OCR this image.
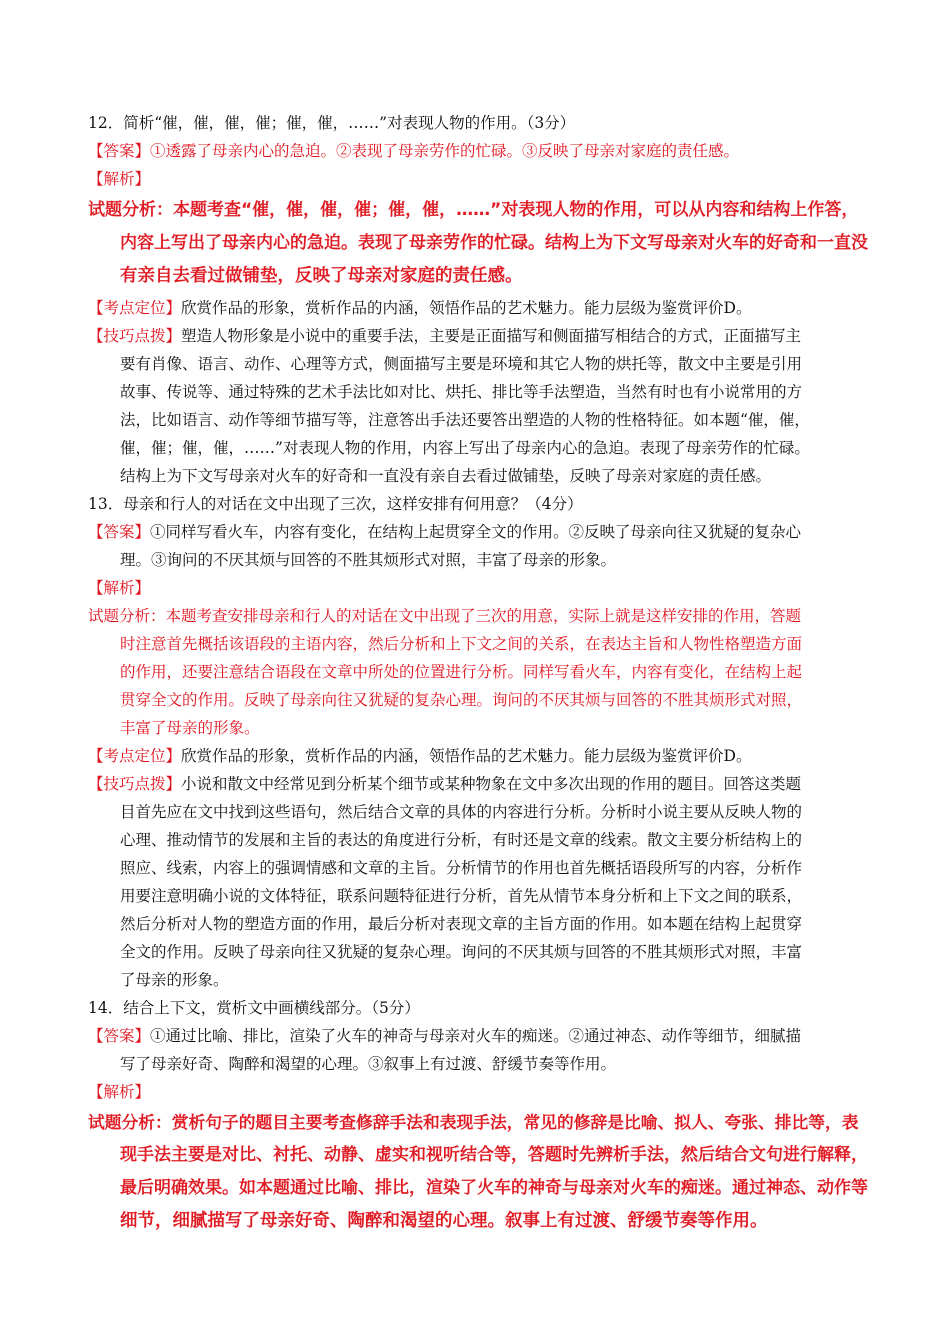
12．简析“催，催，催，催；催，催，……”对表现人物的作用。（3分）
【答案】①透露了母亲内心的急迫。②表现了母亲劳作的忙碌。③反映了母亲对家庭的责任感。
【解析】
试题分析：本题考查“催，催，催，催；催，催，……”对表现人物的作用，可以从内容和结构上作答，
内容上写出了母亲内心的急迫。表现了母亲劳作的忙碌。结构上为下文写母亲对火车的好奇和一直没
有亲自去看过做铺垫，反映了母亲对家庭的责任感。
【考点定位】欣赏作品的形象，赏析作品的内涵，领悟作品的艺术魅力。能力层级为鉴赏评价D。
【技巧点拨】塑造人物形象是小说中的重要手法，主要是正面描写和侧面描写相结合的方式，正面描写主
要有肖像、语言、动作、心理等方式，侧面描写主要是环境和其它人物的烘托等，散文中主要是引用
故事、传说等、通过特殊的艺术手法比如对比、烘托、排比等手法塑造，当然有时也有小说常用的方
法，比如语言、动作等细节描写等，注意答出手法还要答出塑造的人物的性格特征。如本题“催，催，
催，催；催，催，……”对表现人物的作用，内容上写出了母亲内心的急迫。表现了母亲劳作的忙碌。
结构上为下文写母亲对火车的好奇和一直没有亲自去看过做铺垫，反映了母亲对家庭的责任感。
13．母亲和行人的对话在文中出现了三次，这样安排有何用意？（4分）
【答案】①同样写看火车，内容有变化，在结构上起贯穿全文的作用。②反映了母亲向往又犹疑的复杂心
理。③询问的不厌其烦与回答的不胜其烦形式对照，丰富了母亲的形象。
【解析】
试题分析：本题考查安排母亲和行人的对话在文中出现了三次的用意，实际上就是这样安排的作用，答题
时注意首先概括该语段的主语内容，然后分析和上下文之间的关系，在表达主旨和人物性格塑造方面
的作用，还要注意结合语段在文章中所处的位置进行分析。同样写看火车，内容有变化，在结构上起
贯穿全文的作用。反映了母亲向往又犹疑的复杂心理。询问的不厌其烦与回答的不胜其烦形式对照，
丰富了母亲的形象。
【考点定位】欣赏作品的形象，赏析作品的内涵，领悟作品的艺术魅力。能力层级为鉴赏评价D。
【技巧点拨】小说和散文中经常见到分析某个细节或某种物象在文中多次出现的作用的题目。回答这类题
目首先应在文中找到这些语句，然后结合文章的具体的内容进行分析。分析时小说主要从反映人物的
心理、推动情节的发展和主旨的表达的角度进行分析，有时还是文章的线索。散文主要分析结构上的
照应、线索，内容上的强调情感和文章的主旨。分析情节的作用也首先概括语段所写的内容，分析作
用要注意明确小说的文体特征，联系问题特征进行分析，首先从情节本身分析和上下文之间的联系，
然后分析对人物的塑造方面的作用，最后分析对表现文章的主旨方面的作用。如本题在结构上起贯穿
全文的作用。反映了母亲向往又犹疑的复杂心理。询问的不厌其烦与回答的不胜其烦形式对照，丰富
了母亲的形象。
14．结合上下文，赏析文中画横线部分。（5分）
【答案】①通过比喻、排比，渲染了火车的神奇与母亲对火车的痴迷。②通过神态、动作等细节，细腻描
写了母亲好奇、陶醉和渴望的心理。③叙事上有过渡、舒缓节奏等作用。
【解析】
试题分析：赏析句子的题目主要考查修辞手法和表现手法，常见的修辞是比喻、拟人、夸张、排比等，表
现手法主要是对比、衬托、动静、虚实和视听结合等，答题时先辨析手法，然后结合文句进行解释，
最后明确效果。如本题通过比喻、排比，渲染了火车的神奇与母亲对火车的痴迷。通过神态、动作等
细节，细腻描写了母亲好奇、陶醉和渴望的心理。叙事上有过渡、舒缓节奏等作用。
